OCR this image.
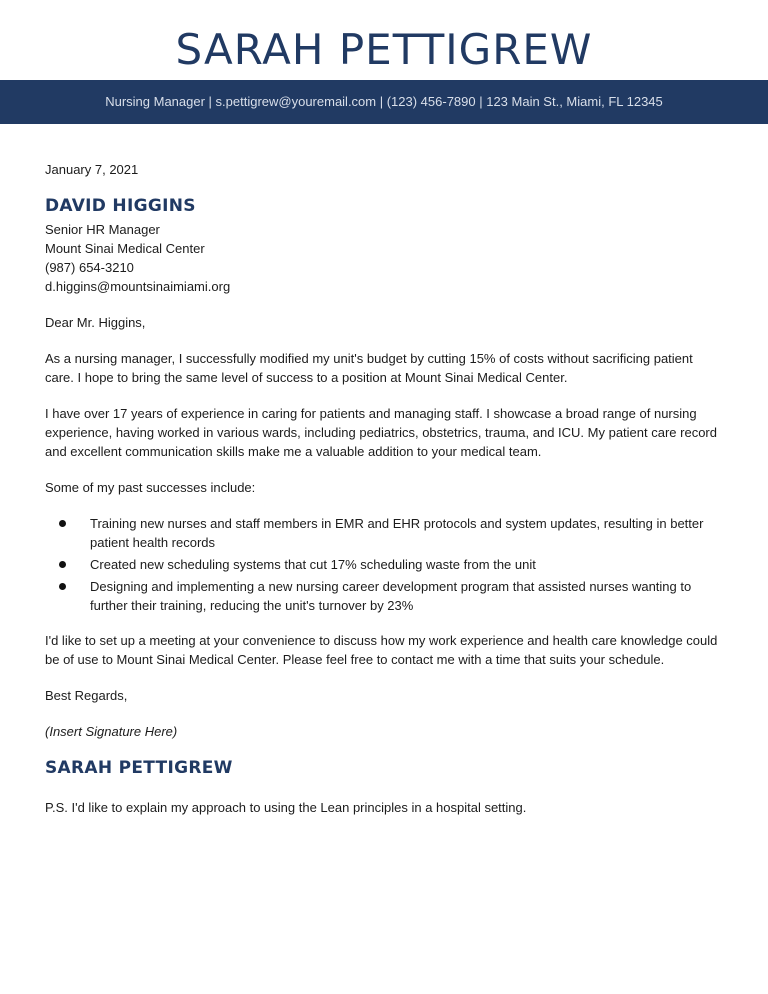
SARAH PETTIGREW
Nursing Manager | s.pettigrew@youremail.com | (123) 456-7890 | 123 Main St., Miami, FL 12345
January 7, 2021
DAVID HIGGINS
Senior HR Manager
Mount Sinai Medical Center
(987) 654-3210
d.higgins@mountsinaimiami.org

Dear Mr. Higgins,

As a nursing manager, I successfully modified my unit's budget by cutting 15% of costs without sacrificing patient care. I hope to bring the same level of success to a position at Mount Sinai Medical Center.

I have over 17 years of experience in caring for patients and managing staff. I showcase a broad range of nursing experience, having worked in various wards, including pediatrics, obstetrics, trauma, and ICU. My patient care record and excellent communication skills make me a valuable addition to your medical team.

Some of my past successes include:

Training new nurses and staff members in EMR and EHR protocols and system updates, resulting in better patient health records
Created new scheduling systems that cut 17% scheduling waste from the unit
Designing and implementing a new nursing career development program that assisted nurses wanting to further their training, reducing the unit's turnover by 23%

I'd like to set up a meeting at your convenience to discuss how my work experience and health care knowledge could be of use to Mount Sinai Medical Center. Please feel free to contact me with a time that suits your schedule.

Best Regards,

(Insert Signature Here)
SARAH PETTIGREW

P.S. I'd like to explain my approach to using the Lean principles in a hospital setting.
